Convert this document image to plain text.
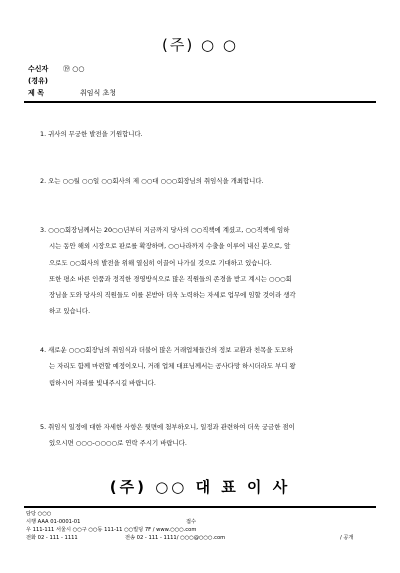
(주) ○ ○
수신자 ⑲ ○○
(경유)
제 목	취임식 초청

1. 귀사의 무궁한 발전을 기원합니다.

2. 오는 ○○월 ○○일 ○○회사의 제 ○○대 ○○○회장님의 취임식을 개최합니다.

3. ○○○회장님께서는 20○○년부터 지금까지 당사의 ○○직책에 계셨고, ○○직책에 임하

시는 동안 해외 시장으로 판로를 확장하며, ○○나라까지 수출을 이루어 내신 분으로, 앞

으로도 ○○회사의 발전을 위해 열심히 이끌어 나가실 것으로 기대하고 있습니다.

또한 평소 바른 인품과 정직한 경영방식으로 많은 직원들의 존경을 받고 계시는 ○○○회

장님을 도와 당사의 직원들도 이를 본받아 더욱 노력하는 자세로 업무에 임할 것이라 생각

하고 있습니다.

4. 새로운 ○○○회장님의 취임식과 더불어 많은 거래업체들간의 정보 교환과 친목을 도모하

는 자리도 함께 마련할 예정이오니, 거래 업체 대표님께서는 공사다망 하시더라도 부디 왕

림하시어 자리를 빛내주시길 바랍니다.

5. 취임식 일정에 대한 자세한 사항은 뒷면에 첨부하오니, 일정과 관련하여 더욱 궁금한 점이

있으시면 ○○○-○○○○로 연락 주시기 바랍니다.

(주) ○○ 대 표 이 사
담당 ○○○
시행 AAA 01-0001-01	접수
우 111-111 서울시 ○○구 ○○동 111-11 ○○빌딩 7F / www.○○○.com
전화 02 - 111 - 1111	전송 02 - 111 - 1111/ ○○○@○○○.com	/ 공개
